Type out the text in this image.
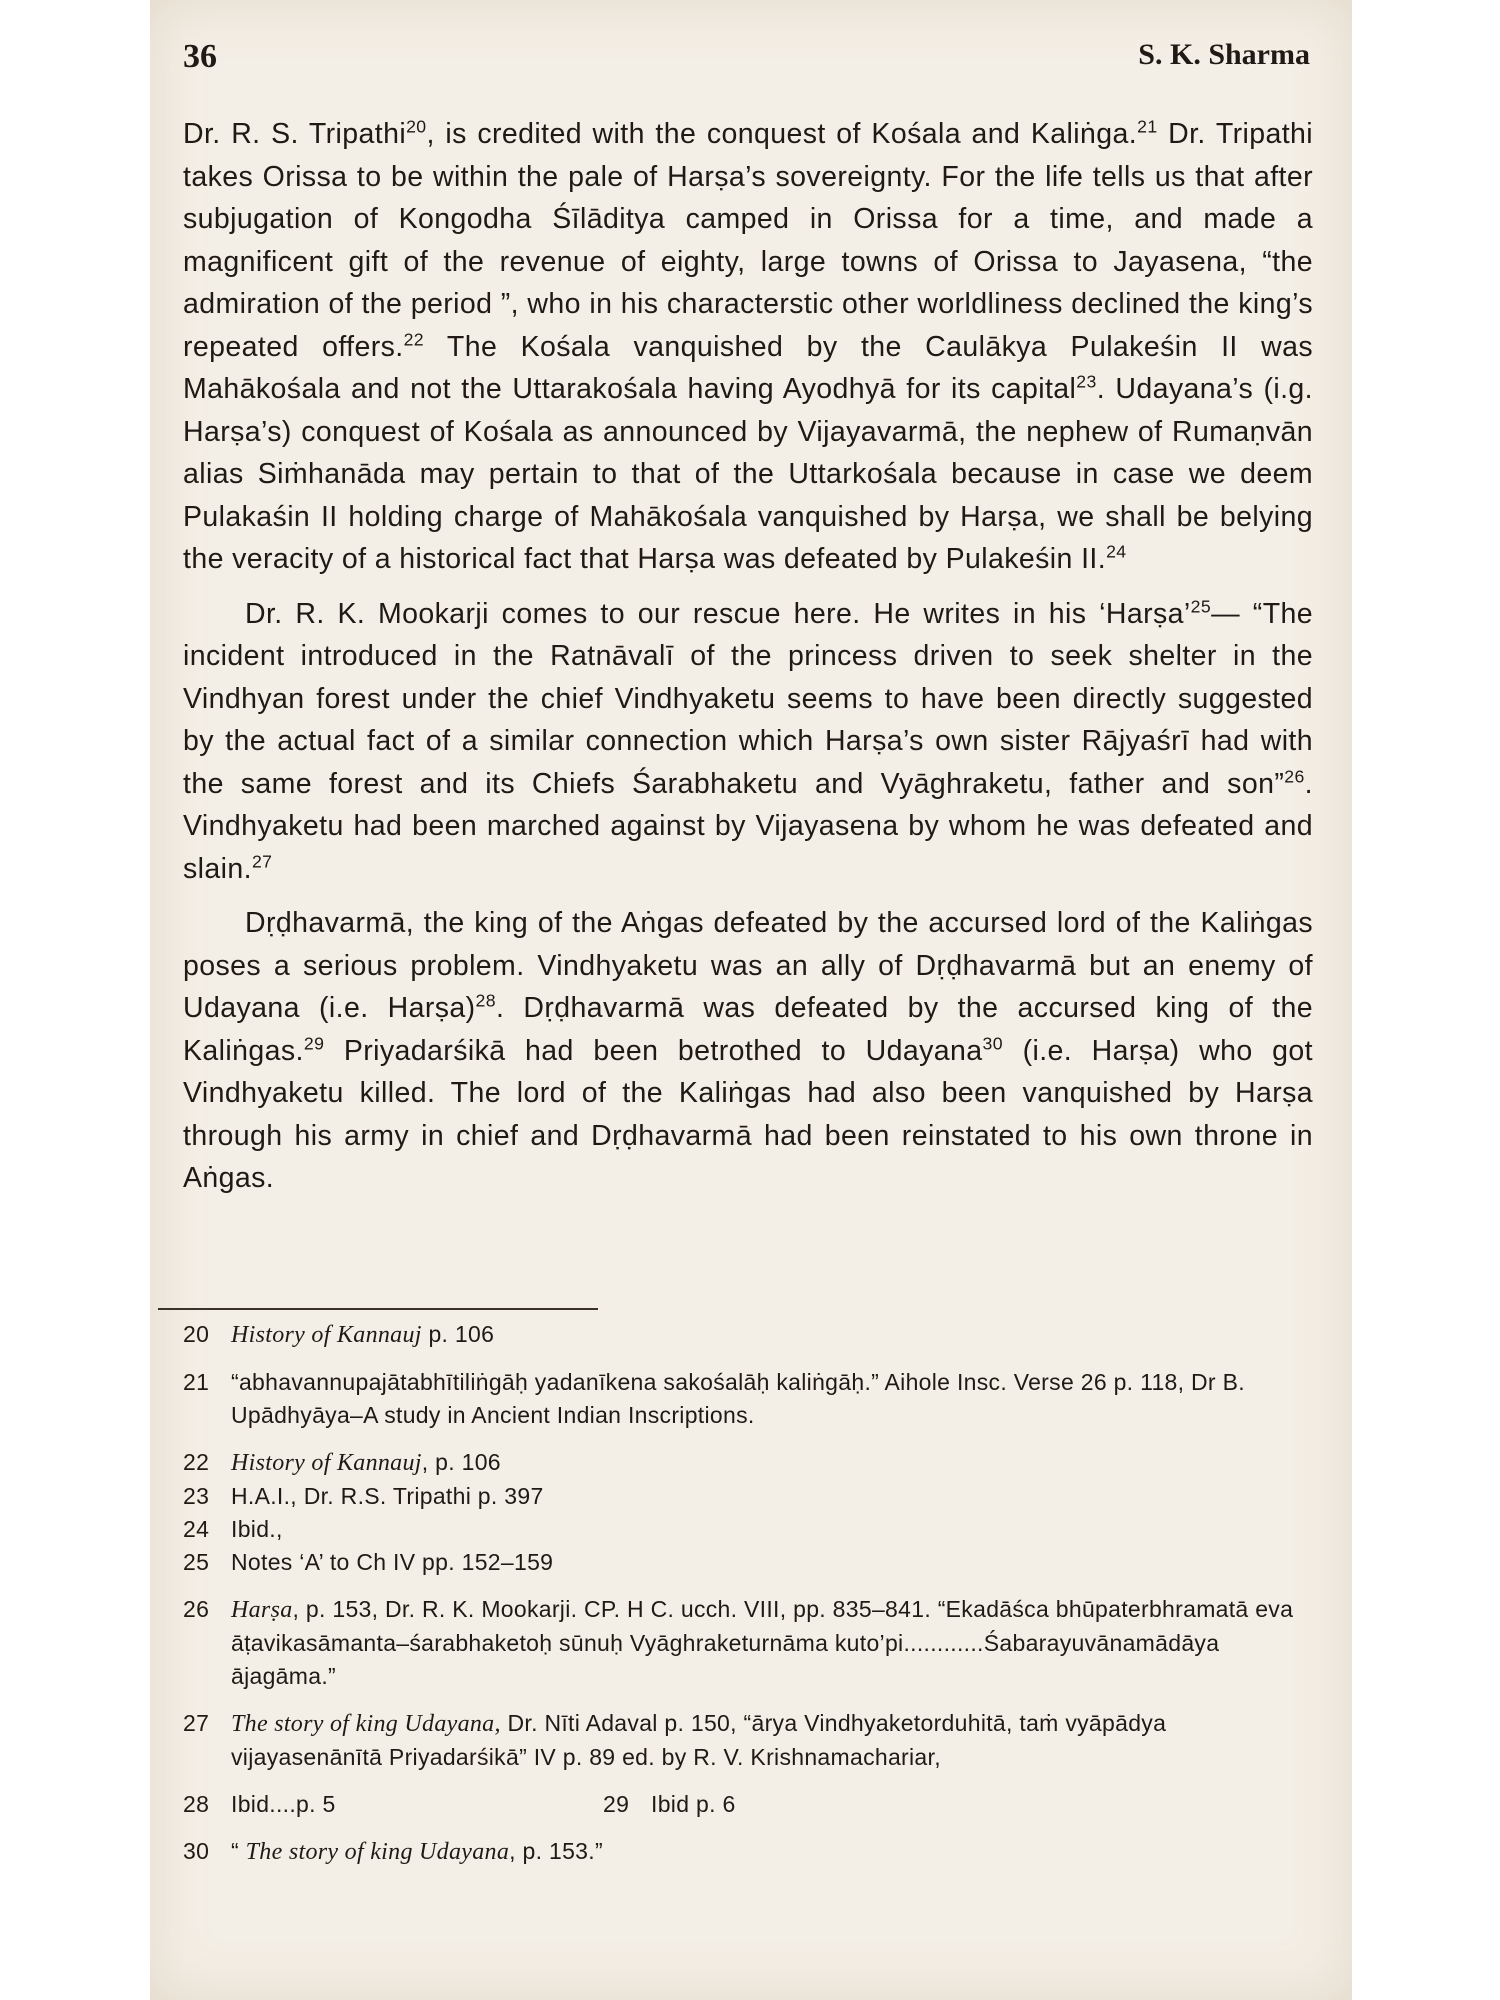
36	S. K. Sharma

Dr. R. S. Tripathi$^{20}$, is credited with the conquest of Kośala and Kaliṅga.$^{21}$ Dr. Tripathi takes Orissa to be within the pale of Harṣa’s sovereignty. For the life tells us that after subjugation of Kongodha Śīlāditya camped in Orissa for a time, and made a magnificent gift of the revenue of eighty, large towns of Orissa to Jayasena, “the admiration of the period ”, who in his characterstic other worldliness declined the king’s repeated offers.$^{22}$ The Kośala vanquished by the Caulākya Pulakeśin II was Mahākośala and not the Uttarakośala having Ayodhyā for its capital$^{23}$. Udayana’s (i.g. Harṣa’s) conquest of Kośala as announced by Vijayavarmā, the nephew of Rumaṇvān alias Siṁhanāda may pertain to that of the Uttarkośala because in case we deem Pulakaśin II holding charge of Mahākośala vanquished by Harṣa, we shall be belying the veracity of a historical fact that Harṣa was defeated by Pulakeśin II.$^{24}$

Dr. R. K. Mookarji comes to our rescue here. He writes in his ‘Harṣa’$^{25}$— “The incident introduced in the Ratnāvalī of the princess driven to seek shelter in the Vindhyan forest under the chief Vindhyaketu seems to have been directly suggested by the actual fact of a similar connection which Harṣa’s own sister Rājyaśrī had with the same forest and its Chiefs Śarabhaketu and Vyāghraketu, father and son”$^{26}$. Vindhyaketu had been marched against by Vijayasena by whom he was defeated and slain.$^{27}$

Dṛḍhavarmā, the king of the Aṅgas defeated by the accursed lord of the Kaliṅgas poses a serious problem. Vindhyaketu was an ally of Dṛḍhavarmā but an enemy of Udayana (i.e. Harṣa)$^{28}$. Dṛḍhavarmā was defeated by the accursed king of the Kaliṅgas.$^{29}$ Priyadarśikā had been betrothed to Udayana$^{30}$ (i.e. Harṣa) who got Vindhyaketu killed. The lord of the Kaliṅgas had also been vanquished by Harṣa through his army in chief and Dṛḍhavarmā had been reinstated to his own throne in Aṅgas.

20 History of Kannauj p. 106
21 “abhavannupajātabhītiliṅgāḥ yadanīkena sakośalāḥ kaliṅgāḥ.” Aihole Insc. Verse 26 p. 118, Dr B. Upādhyāya–A study in Ancient Indian Inscriptions.
22 History of Kannauj, p. 106
23 H.A.I., Dr. R.S. Tripathi p. 397
24 Ibid.,
25 Notes ‘A’ to Ch IV pp. 152–159
26 Harṣa, p. 153, Dr. R. K. Mookarji. CP. H C. ucch. VIII, pp. 835–841. “Ekadāśca bhūpaterbhramatā eva āṭavikasāmanta–śarabhaketoḥ sūnuḥ Vyāghraketurnāma kuto’pi............Śabarayuvānamādāya ājagāma.”
27 The story of king Udayana, Dr. Nīti Adaval p. 150, “ārya Vindhyaketorduhitā, taṁ vyāpādya vijayasenānītā Priyadarśikā” IV p. 89 ed. by R. V. Krishnamachariar,
28 Ibid....p. 5	29 Ibid p. 6
30 “ The story of king Udayana, p. 153.”
